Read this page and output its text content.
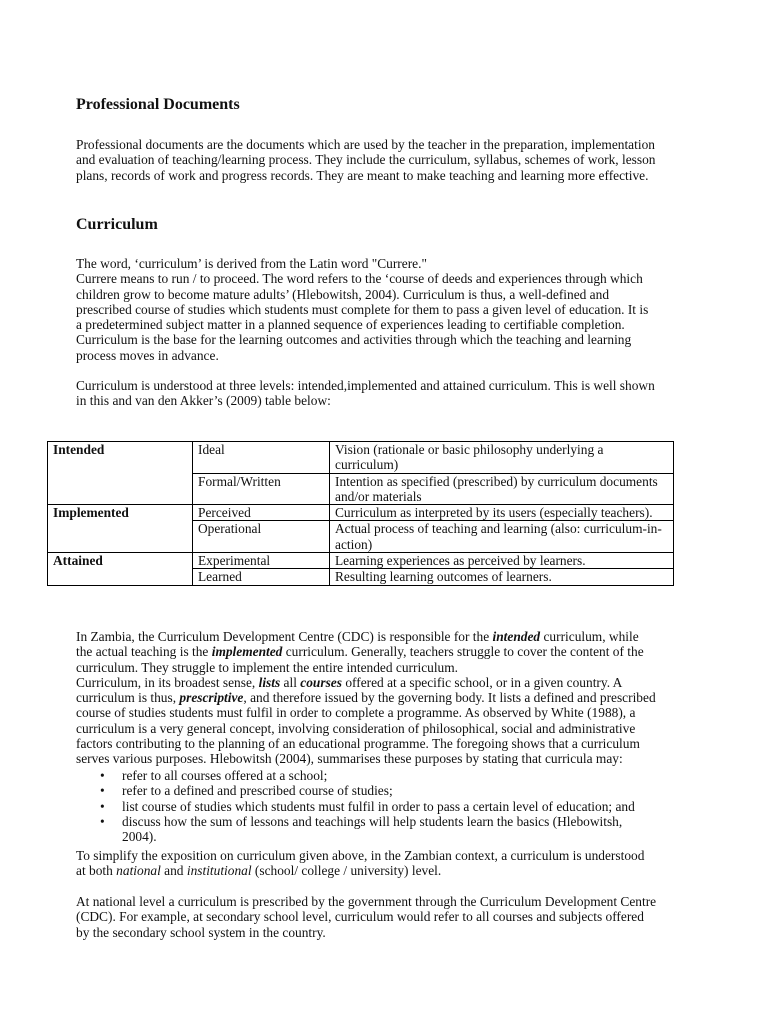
Professional Documents
Professional documents are the documents which are used by the teacher in the preparation, implementation
and evaluation of teaching/learning process. They include the curriculum, syllabus, schemes of work, lesson
plans, records of work and progress records. They are meant to make teaching and learning more effective.
Curriculum
The word, ‘curriculum’ is derived from the Latin word "Currere."
Currere means to run / to proceed. The word refers to the ‘course of deeds and experiences through which
children grow to become mature adults’ (Hlebowitsh, 2004). Curriculum is thus, a well-defined and
prescribed course of studies which students must complete for them to pass a given level of education. It is
a predetermined subject matter in a planned sequence of experiences leading to certifiable completion.
Curriculum is the base for the learning outcomes and activities through which the teaching and learning
process moves in advance.
Curriculum is understood at three levels: intended,implemented and attained curriculum. This is well shown
in this and van den Akker’s (2009) table below:
Intended	Ideal	Vision (rationale or basic philosophy underlying a curriculum)
	Formal/Written	Intention as specified (prescribed) by curriculum documents and/or materials
Implemented	Perceived	Curriculum as interpreted by its users (especially teachers).
	Operational	Actual process of teaching and learning (also: curriculum-in- action)
Attained	Experimental	Learning experiences as perceived by learners.
	Learned	Resulting learning outcomes of learners.
In Zambia, the Curriculum Development Centre (CDC) is responsible for the intended curriculum, while
the actual teaching is the implemented curriculum. Generally, teachers struggle to cover the content of the
curriculum. They struggle to implement the entire intended curriculum.
Curriculum, in its broadest sense, lists all courses offered at a specific school, or in a given country. A
curriculum is thus, prescriptive, and therefore issued by the governing body. It lists a defined and prescribed
course of studies students must fulfil in order to complete a programme. As observed by White (1988), a
curriculum is a very general concept, involving consideration of philosophical, social and administrative
factors contributing to the planning of an educational programme. The foregoing shows that a curriculum
serves various purposes. Hlebowitsh (2004), summarises these purposes by stating that curricula may:
• refer to all courses offered at a school;
• refer to a defined and prescribed course of studies;
• list course of studies which students must fulfil in order to pass a certain level of education; and
• discuss how the sum of lessons and teachings will help students learn the basics (Hlebowitsh,
2004).
To simplify the exposition on curriculum given above, in the Zambian context, a curriculum is understood
at both national and institutional (school/ college / university) level.
At national level a curriculum is prescribed by the government through the Curriculum Development Centre
(CDC). For example, at secondary school level, curriculum would refer to all courses and subjects offered
by the secondary school system in the country.
